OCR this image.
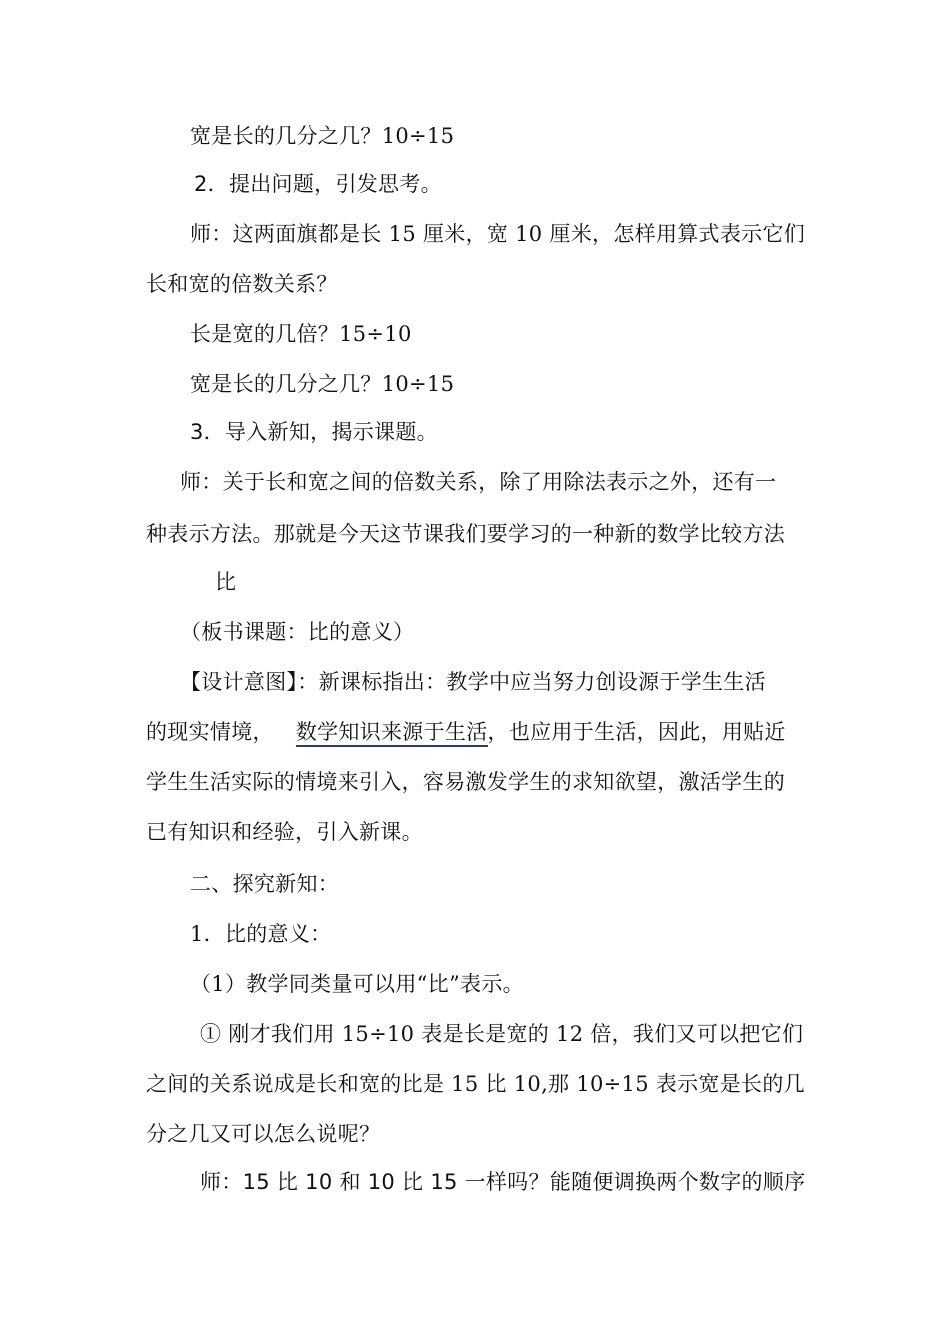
宽是长的几分之几？10÷15
2．提出问题，引发思考。
师：这两面旗都是长 15 厘米，宽 10 厘米，怎样用算式表示它们
长和宽的倍数关系？
长是宽的几倍？15÷10
宽是长的几分之几？10÷15
3．导入新知，揭示课题。
师：关于长和宽之间的倍数关系，除了用除法表示之外，还有一
种表示方法。那就是今天这节课我们要学习的一种新的数学比较方法
比
（板书课题：比的意义）
【设计意图】：新课标指出：教学中应当努力创设源于学生生活
的现实情境， 数学知识来源于生活，也应用于生活，因此，用贴近
学生生活实际的情境来引入，容易激发学生的求知欲望，激活学生的
已有知识和经验，引入新课。
二、探究新知：
1．比的意义：
（1）教学同类量可以用“比”表示。
① 刚才我们用 15÷10 表是长是宽的 12 倍，我们又可以把它们
之间的关系说成是长和宽的比是 15 比 10,那 10÷15 表示宽是长的几
分之几又可以怎么说呢？
师：15 比 10 和 10 比 15 一样吗？能随便调换两个数字的顺序
